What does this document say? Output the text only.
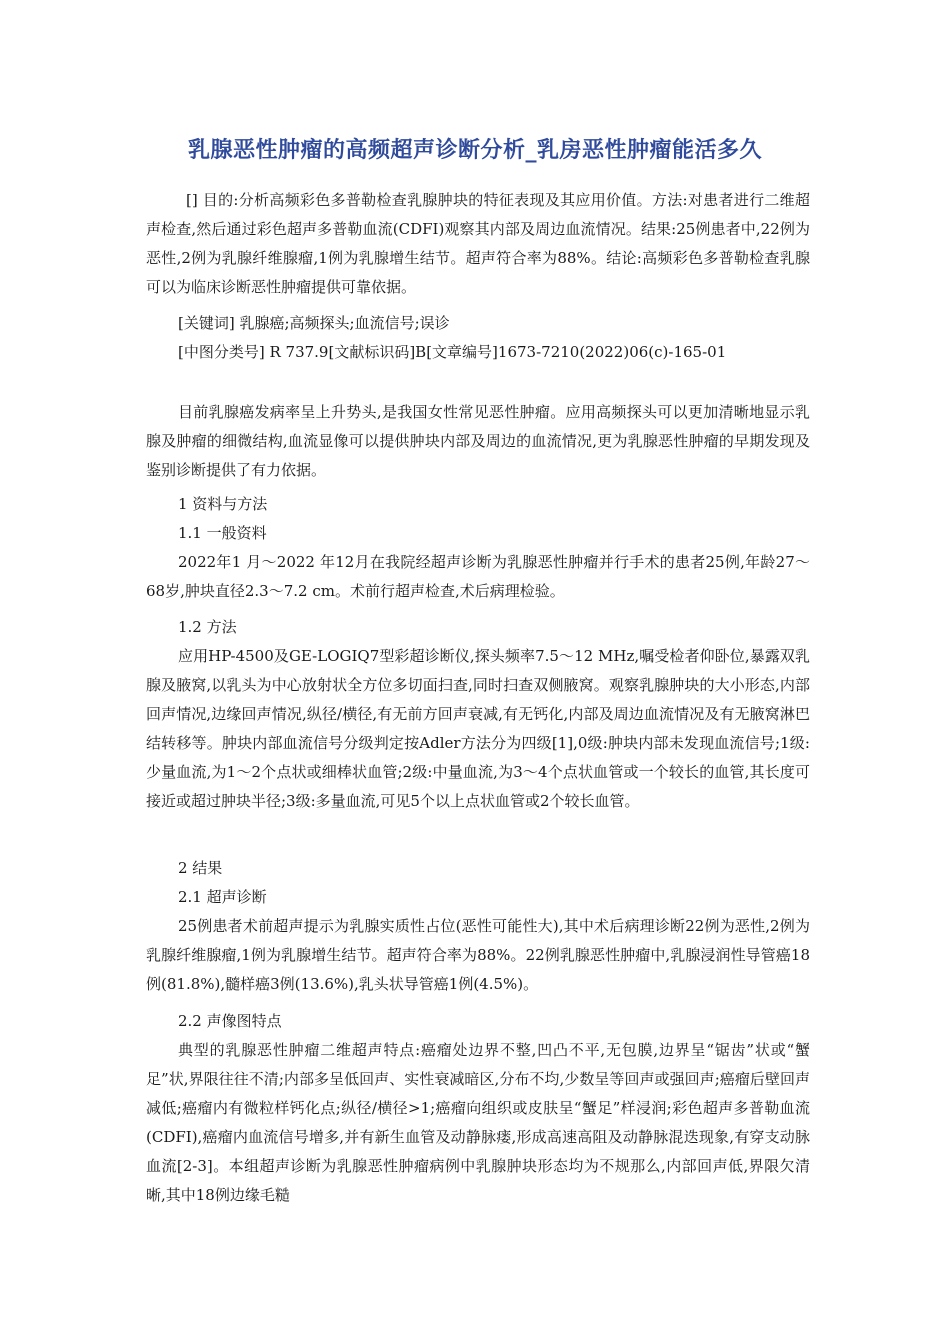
乳腺恶性肿瘤的高频超声诊断分析_乳房恶性肿瘤能活多久
[] 目的:分析高频彩色多普勒检查乳腺肿块的特征表现及其应用价值。方法:对患者进行二维超声检查,然后通过彩色超声多普勒血流(CDFI)观察其内部及周边血流情况。结果:25例患者中,22例为恶性,2例为乳腺纤维腺瘤,1例为乳腺增生结节。超声符合率为88%。结论:高频彩色多普勒检查乳腺可以为临床诊断恶性肿瘤提供可靠依据。
[关键词] 乳腺癌;高频探头;血流信号;误诊
[中图分类号] R 737.9[文献标识码]B[文章编号]1673-7210(2022)06(c)-165-01
目前乳腺癌发病率呈上升势头,是我国女性常见恶性肿瘤。应用高频探头可以更加清晰地显示乳腺及肿瘤的细微结构,血流显像可以提供肿块内部及周边的血流情况,更为乳腺恶性肿瘤的早期发现及鉴别诊断提供了有力依据。
1 资料与方法
1.1 一般资料
2022年1 月～2022 年12月在我院经超声诊断为乳腺恶性肿瘤并行手术的患者25例,年龄27～68岁,肿块直径2.3～7.2 cm。术前行超声检查,术后病理检验。
1.2 方法
应用HP-4500及GE-LOGIQ7型彩超诊断仪,探头频率7.5～12 MHz,嘱受检者仰卧位,暴露双乳腺及腋窝,以乳头为中心放射状全方位多切面扫查,同时扫查双侧腋窝。观察乳腺肿块的大小形态,内部回声情况,边缘回声情况,纵径/横径,有无前方回声衰减,有无钙化,内部及周边血流情况及有无腋窝淋巴结转移等。肿块内部血流信号分级判定按Adler方法分为四级[1],0级:肿块内部未发现血流信号;1级:少量血流,为1～2个点状或细棒状血管;2级:中量血流,为3～4个点状血管或一个较长的血管,其长度可接近或超过肿块半径;3级:多量血流,可见5个以上点状血管或2个较长血管。
2 结果
2.1 超声诊断
25例患者术前超声提示为乳腺实质性占位(恶性可能性大),其中术后病理诊断22例为恶性,2例为乳腺纤维腺瘤,1例为乳腺增生结节。超声符合率为88%。22例乳腺恶性肿瘤中,乳腺浸润性导管癌18例(81.8%),髓样癌3例(13.6%),乳头状导管癌1例(4.5%)。
2.2 声像图特点
典型的乳腺恶性肿瘤二维超声特点:癌瘤处边界不整,凹凸不平,无包膜,边界呈“锯齿”状或“蟹足”状,界限往往不清;内部多呈低回声、实性衰减暗区,分布不均,少数呈等回声或强回声;癌瘤后壁回声减低;癌瘤内有微粒样钙化点;纵径/横径>1;癌瘤向组织或皮肤呈“蟹足”样浸润;彩色超声多普勒血流(CDFI),癌瘤内血流信号增多,并有新生血管及动静脉瘘,形成高速高阻及动静脉混迭现象,有穿支动脉血流[2-3]。本组超声诊断为乳腺恶性肿瘤病例中乳腺肿块形态均为不规那么,内部回声低,界限欠清晰,其中18例边缘毛糙
